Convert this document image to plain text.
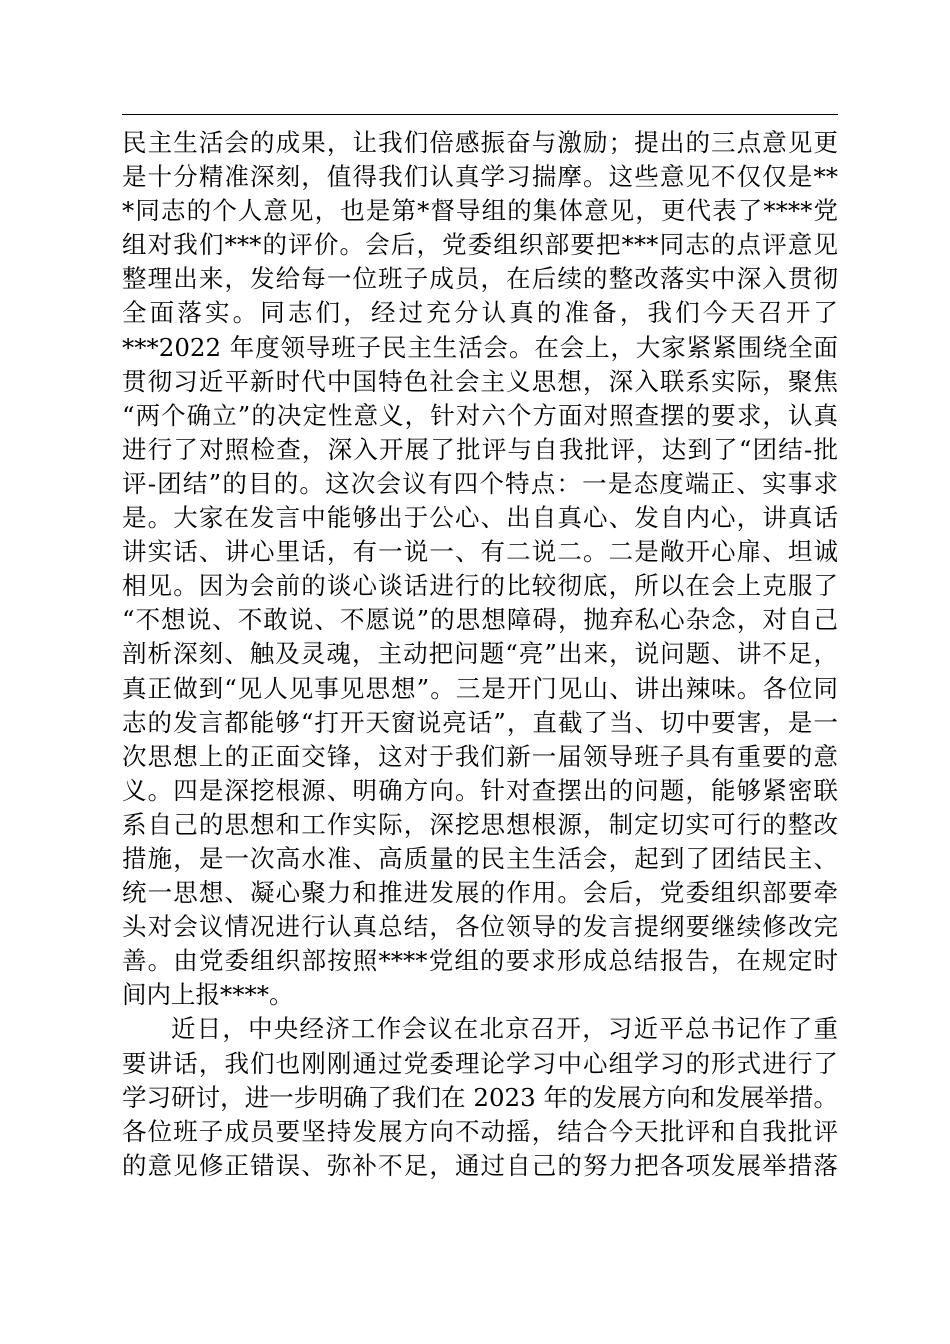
民主生活会的成果，让我们倍感振奋与激励；提出的三点意见更
是十分精准深刻，值得我们认真学习揣摩。这些意见不仅仅是**
*同志的个人意见，也是第*督导组的集体意见，更代表了****党
组对我们***的评价。会后，党委组织部要把***同志的点评意见
整理出来，发给每一位班子成员，在后续的整改落实中深入贯彻
全面落实。同志们，经过充分认真的准备，我们今天召开了
***2022 年度领导班子民主生活会。在会上，大家紧紧围绕全面
贯彻习近平新时代中国特色社会主义思想，深入联系实际，聚焦
“两个确立”的决定性意义，针对六个方面对照查摆的要求，认真
进行了对照检查，深入开展了批评与自我批评，达到了“团结-批
评-团结”的目的。这次会议有四个特点：一是态度端正、实事求
是。大家在发言中能够出于公心、出自真心、发自内心，讲真话
讲实话、讲心里话，有一说一、有二说二。二是敞开心扉、坦诚
相见。因为会前的谈心谈话进行的比较彻底，所以在会上克服了
“不想说、不敢说、不愿说”的思想障碍，抛弃私心杂念，对自己
剖析深刻、触及灵魂，主动把问题“亮”出来，说问题、讲不足，
真正做到“见人见事见思想”。三是开门见山、讲出辣味。各位同
志的发言都能够“打开天窗说亮话”，直截了当、切中要害，是一
次思想上的正面交锋，这对于我们新一届领导班子具有重要的意
义。四是深挖根源、明确方向。针对查摆出的问题，能够紧密联
系自己的思想和工作实际，深挖思想根源，制定切实可行的整改
措施，是一次高水准、高质量的民主生活会，起到了团结民主、
统一思想、凝心聚力和推进发展的作用。会后，党委组织部要牵
头对会议情况进行认真总结，各位领导的发言提纲要继续修改完
善。由党委组织部按照****党组的要求形成总结报告，在规定时
间内上报****。
近日，中央经济工作会议在北京召开，习近平总书记作了重
要讲话，我们也刚刚通过党委理论学习中心组学习的形式进行了
学习研讨，进一步明确了我们在 2023 年的发展方向和发展举措。
各位班子成员要坚持发展方向不动摇，结合今天批评和自我批评
的意见修正错误、弥补不足，通过自己的努力把各项发展举措落
